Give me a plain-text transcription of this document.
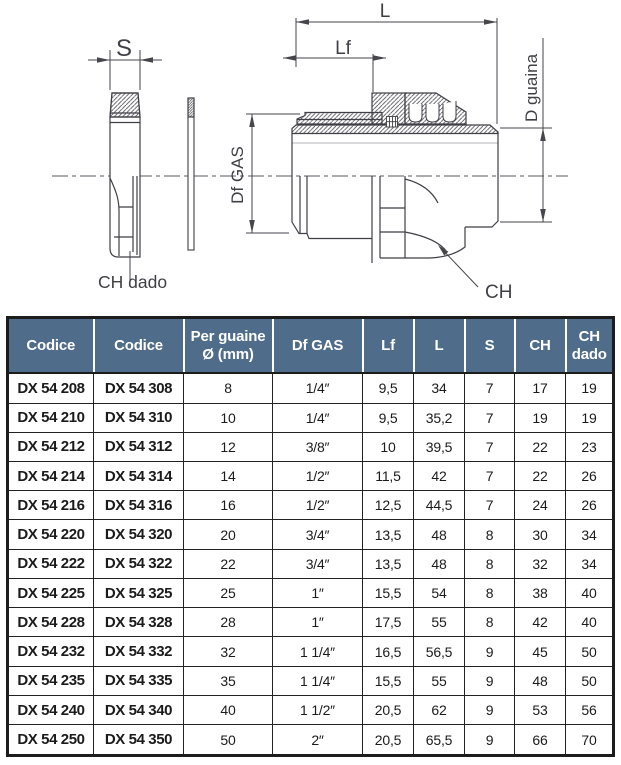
S
L
Lf
Df GAS
D guaina
CH
CH dado
Codice	Codice	Per guaine Ø (mm)	Df GAS	Lf	L	S	CH	CH dado
DX 54 208	DX 54 308	8	1/4″	9,5	34	7	17	19
DX 54 210	DX 54 310	10	1/4″	9,5	35,2	7	19	19
DX 54 212	DX 54 312	12	3/8″	10	39,5	7	22	23
DX 54 214	DX 54 314	14	1/2″	11,5	42	7	22	26
DX 54 216	DX 54 316	16	1/2″	12,5	44,5	7	24	26
DX 54 220	DX 54 320	20	3/4″	13,5	48	8	30	34
DX 54 222	DX 54 322	22	3/4″	13,5	48	8	32	34
DX 54 225	DX 54 325	25	1″	15,5	54	8	38	40
DX 54 228	DX 54 328	28	1″	17,5	55	8	42	40
DX 54 232	DX 54 332	32	1 1/4″	16,5	56,5	9	45	50
DX 54 235	DX 54 335	35	1 1/4″	15,5	55	9	48	50
DX 54 240	DX 54 340	40	1 1/2″	20,5	62	9	53	56
DX 54 250	DX 54 350	50	2″	20,5	65,5	9	66	70
